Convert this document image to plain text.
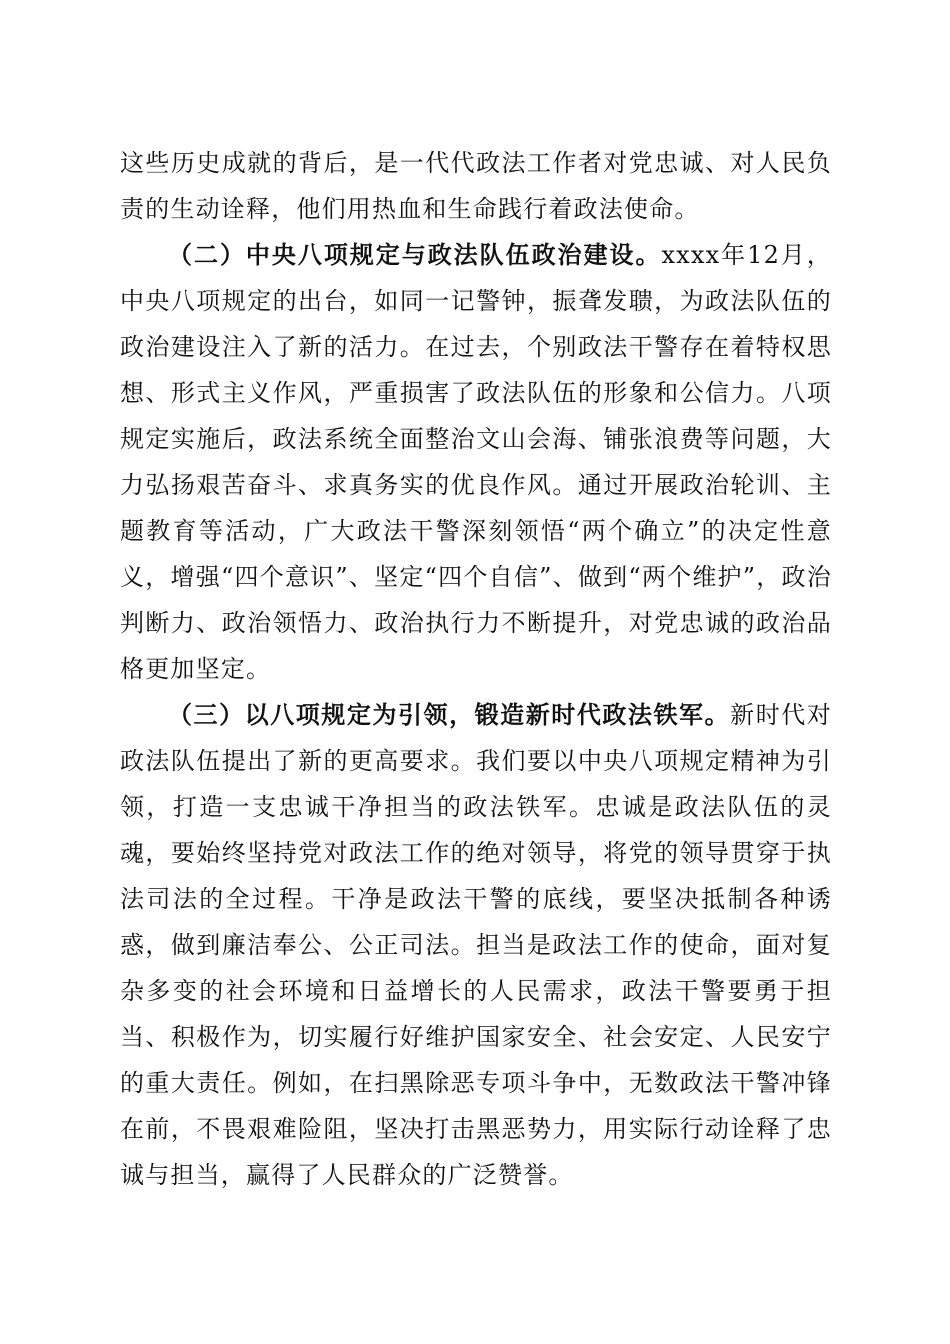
这些历史成就的背后，是一代代政法工作者对党忠诚、对人民负责的生动诠释，他们用热血和生命践行着政法使命。

（二）中央八项规定与政法队伍政治建设。xxxx年12月，中央八项规定的出台，如同一记警钟，振聋发聩，为政法队伍的政治建设注入了新的活力。在过去，个别政法干警存在着特权思想、形式主义作风，严重损害了政法队伍的形象和公信力。八项规定实施后，政法系统全面整治文山会海、铺张浪费等问题，大力弘扬艰苦奋斗、求真务实的优良作风。通过开展政治轮训、主题教育等活动，广大政法干警深刻领悟“两个确立”的决定性意义，增强“四个意识”、坚定“四个自信”、做到“两个维护”，政治判断力、政治领悟力、政治执行力不断提升，对党忠诚的政治品格更加坚定。

（三）以八项规定为引领，锻造新时代政法铁军。新时代对政法队伍提出了新的更高要求。我们要以中央八项规定精神为引领，打造一支忠诚干净担当的政法铁军。忠诚是政法队伍的灵魂，要始终坚持党对政法工作的绝对领导，将党的领导贯穿于执法司法的全过程。干净是政法干警的底线，要坚决抵制各种诱惑，做到廉洁奉公、公正司法。担当是政法工作的使命，面对复杂多变的社会环境和日益增长的人民需求，政法干警要勇于担当、积极作为，切实履行好维护国家安全、社会安定、人民安宁的重大责任。例如，在扫黑除恶专项斗争中，无数政法干警冲锋在前，不畏艰难险阻，坚决打击黑恶势力，用实际行动诠释了忠诚与担当，赢得了人民群众的广泛赞誉。
